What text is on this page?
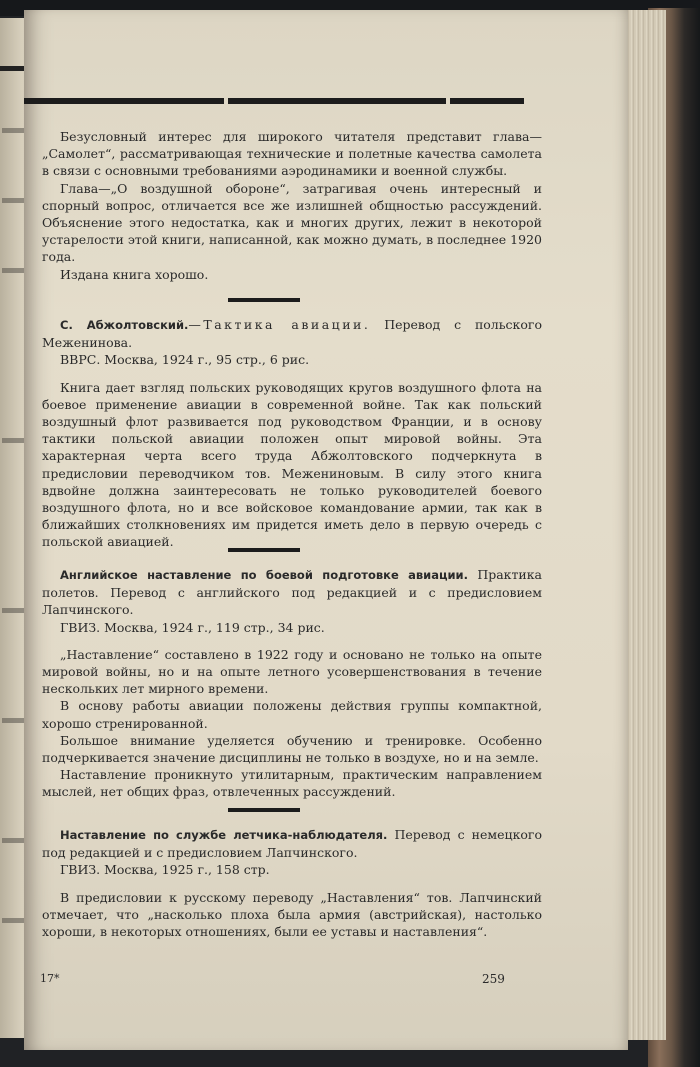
Безусловный интерес для широкого читателя представит глава—„Самолет“, рассматривающая технические и полетные качества самолета в связи с основными требованиями аэродинамики и военной службы.

Глава—„О воздушной обороне“, затрагивая очень интересный и спорный вопрос, отличается все же излишней общностью рассуждений. Объяснение этого недостатка, как и многих других, лежит в некоторой устарелости этой книги, написанной, как можно думать, в последнее 1920 года.

Издана книга хорошо.

С. Абжолтовский.—Тактика авиации. Перевод с польского Межениновa.

ВВРС. Москва, 1924 г., 95 стр., 6 рис.

Книга дает взгляд польских руководящих кругов воздушного флота на боевое применение авиации в современной войне. Так как польский воздушный флот развивается под руководством Франции, и в основу тактики польской авиации положен опыт мировой войны. Эта характерная черта всего труда Абжолтовского подчеркнута в предисловии переводчиком тов. Межениновым. В силу этого книга вдвойне должна заинтересовать не только руководителей боевого воздушного флота, но и все войсковое командование армии, так как в ближайших столкновениях им придется иметь дело в первую очередь с польской авиацией.

Английское наставление по боевой подготовке авиации. Практика полетов. Перевод с английского под редакцией и с предисловием Лапчинского.

ГВИЗ. Москва, 1924 г., 119 стр., 34 рис.

„Наставление“ составлено в 1922 году и основано не только на опыте мировой войны, но и на опыте летного усовершенствования в течение нескольких лет мирного времени.

В основу работы авиации положены действия группы компактной, хорошо стренированной.

Большое внимание уделяется обучению и тренировке. Особенно подчеркивается значение дисциплины не только в воздухе, но и на земле.

Наставление проникнуто утилитарным, практическим направлением мыслей, нет общих фраз, отвлеченных рассуждений.

Наставление по службе летчика-наблюдателя. Перевод с немецкого под редакцией и с предисловием Лапчинского.

ГВИЗ. Москва, 1925 г., 158 стр.

В предисловии к русскому переводу „Наставления“ тов. Лапчинский отмечает, что „насколько плоха была армия (австрийская), настолько хороши, в некоторых отношениях, были ее уставы и наставления“.

17*	259
